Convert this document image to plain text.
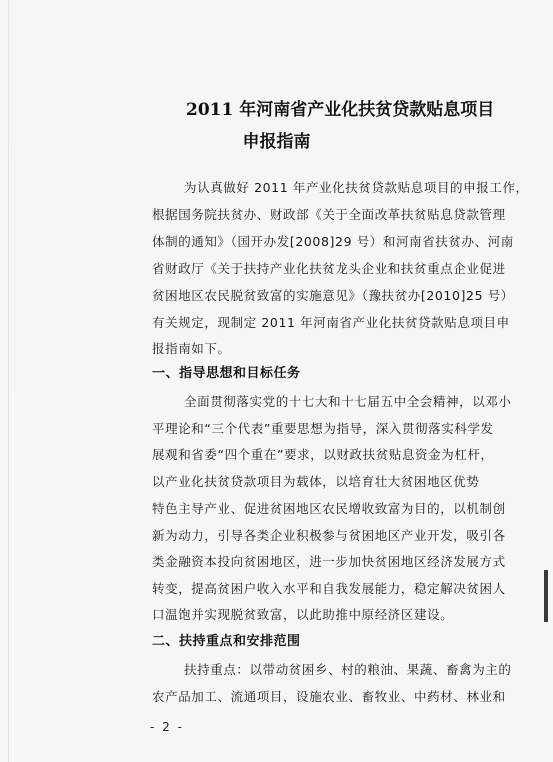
2011 年河南省产业化扶贫贷款贴息项目
申报指南
为认真做好 2011 年产业化扶贫贷款贴息项目的申报工作，
根据国务院扶贫办、财政部《关于全面改革扶贫贴息贷款管理
体制的通知》（国开办发[2008]29 号）和河南省扶贫办、河南
省财政厅《关于扶持产业化扶贫龙头企业和扶贫重点企业促进
贫困地区农民脱贫致富的实施意见》（豫扶贫办[2010]25 号）
有关规定，现制定 2011 年河南省产业化扶贫贷款贴息项目申
报指南如下。
一、指导思想和目标任务
全面贯彻落实党的十七大和十七届五中全会精神，以邓小
平理论和“三个代表”重要思想为指导，深入贯彻落实科学发
展观和省委“四个重在”要求，以财政扶贫贴息资金为杠杆，
以产业化扶贫贷款项目为载体，以培育壮大贫困地区优势
特色主导产业、促进贫困地区农民增收致富为目的，以机制创
新为动力，引导各类企业积极参与贫困地区产业开发，吸引各
类金融资本投向贫困地区，进一步加快贫困地区经济发展方式
转变，提高贫困户收入水平和自我发展能力，稳定解决贫困人
口温饱并实现脱贫致富，以此助推中原经济区建设。
二、扶持重点和安排范围
扶持重点：以带动贫困乡、村的粮油、果蔬、畜禽为主的
农产品加工、流通项目，设施农业、畜牧业、中药材、林业和
- 2 -
